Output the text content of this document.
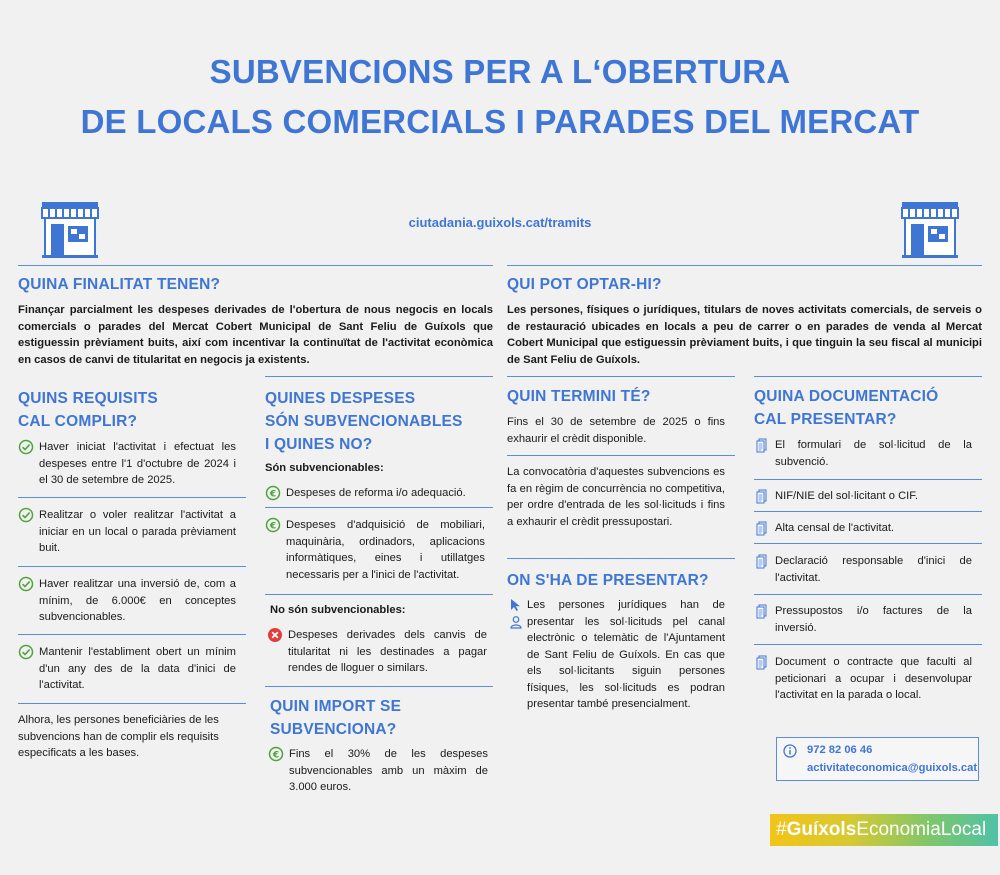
SUBVENCIONS PER A L‘OBERTURA
DE LOCALS COMERCIALS I PARADES DEL MERCAT
ciutadania.guixols.cat/tramits
QUINA FINALITAT TENEN?
Finançar parcialment les despeses derivades de l'obertura de nous negocis en locals comercials o parades del Mercat Cobert Municipal de Sant Feliu de Guíxols que estiguessin prèviament buits, així com incentivar la continuïtat de l'activitat econòmica en casos de canvi de titularitat en negocis ja existents.
QUI POT OPTAR-HI?
Les persones, físiques o jurídiques, titulars de noves activitats comercials, de serveis o de restauració ubicades en locals a peu de carrer o en parades de venda al Mercat Cobert Municipal que estiguessin prèviament buits, i que tinguin la seu fiscal al municipi de Sant Feliu de Guíxols.
QUINS REQUISITS
CAL COMPLIR?
Haver iniciat l'activitat i efectuat les despeses entre l'1 d'octubre de 2024 i el 30 de setembre de 2025.
Realitzar o voler realitzar l'activitat a iniciar en un local o parada prèviament buit.
Haver realitzar una inversió de, com a mínim, de 6.000€ en conceptes subvencionables.
Mantenir l'establiment obert un mínim d'un any des de la data d'inici de l'activitat.
Alhora, les persones beneficiàries de les subvencions han de complir els requisits especificats a les bases.
QUINES DESPESES
SÓN SUBVENCIONABLES
I QUINES NO?
Són subvencionables:
€ Despeses de reforma i/o adequació.
€ Despeses d'adquisició de mobiliari, maquinària, ordinadors, aplicacions informàtiques, eines i utillatges necessaris per a l'inici de l'activitat.
No són subvencionables:
Despeses derivades dels canvis de titularitat ni les destinades a pagar rendes de lloguer o similars.
QUIN IMPORT SE
SUBVENCIONA?
€ Fins el 30% de les despeses subvencionables amb un màxim de 3.000 euros.
QUIN TERMINI TÉ?
Fins el 30 de setembre de 2025 o fins exhaurir el crèdit disponible.
La convocatòria d'aquestes subvencions es fa en règim de concurrència no competitiva, per ordre d'entrada de les sol·licituds i fins a exhaurir el crèdit pressupostari.
ON S'HA DE PRESENTAR?
Les persones jurídiques han de presentar les sol·licituds pel canal electrònic o telemàtic de l'Ajuntament de Sant Feliu de Guíxols. En cas que els sol·licitants siguin persones físiques, les sol·licituds es podran presentar també presencialment.
QUINA DOCUMENTACIÓ
CAL PRESENTAR?
El formulari de sol·licitud de la subvenció.
NIF/NIE del sol·licitant o CIF.
Alta censal de l'activitat.
Declaració responsable d'inici de l'activitat.
Pressupostos i/o factures de la inversió.
Document o contracte que faculti al peticionari a ocupar i desenvolupar l'activitat en la parada o local.
972 82 06 46
activitateconomica@guixols.cat
#GuíxolsEconomiaLocal
